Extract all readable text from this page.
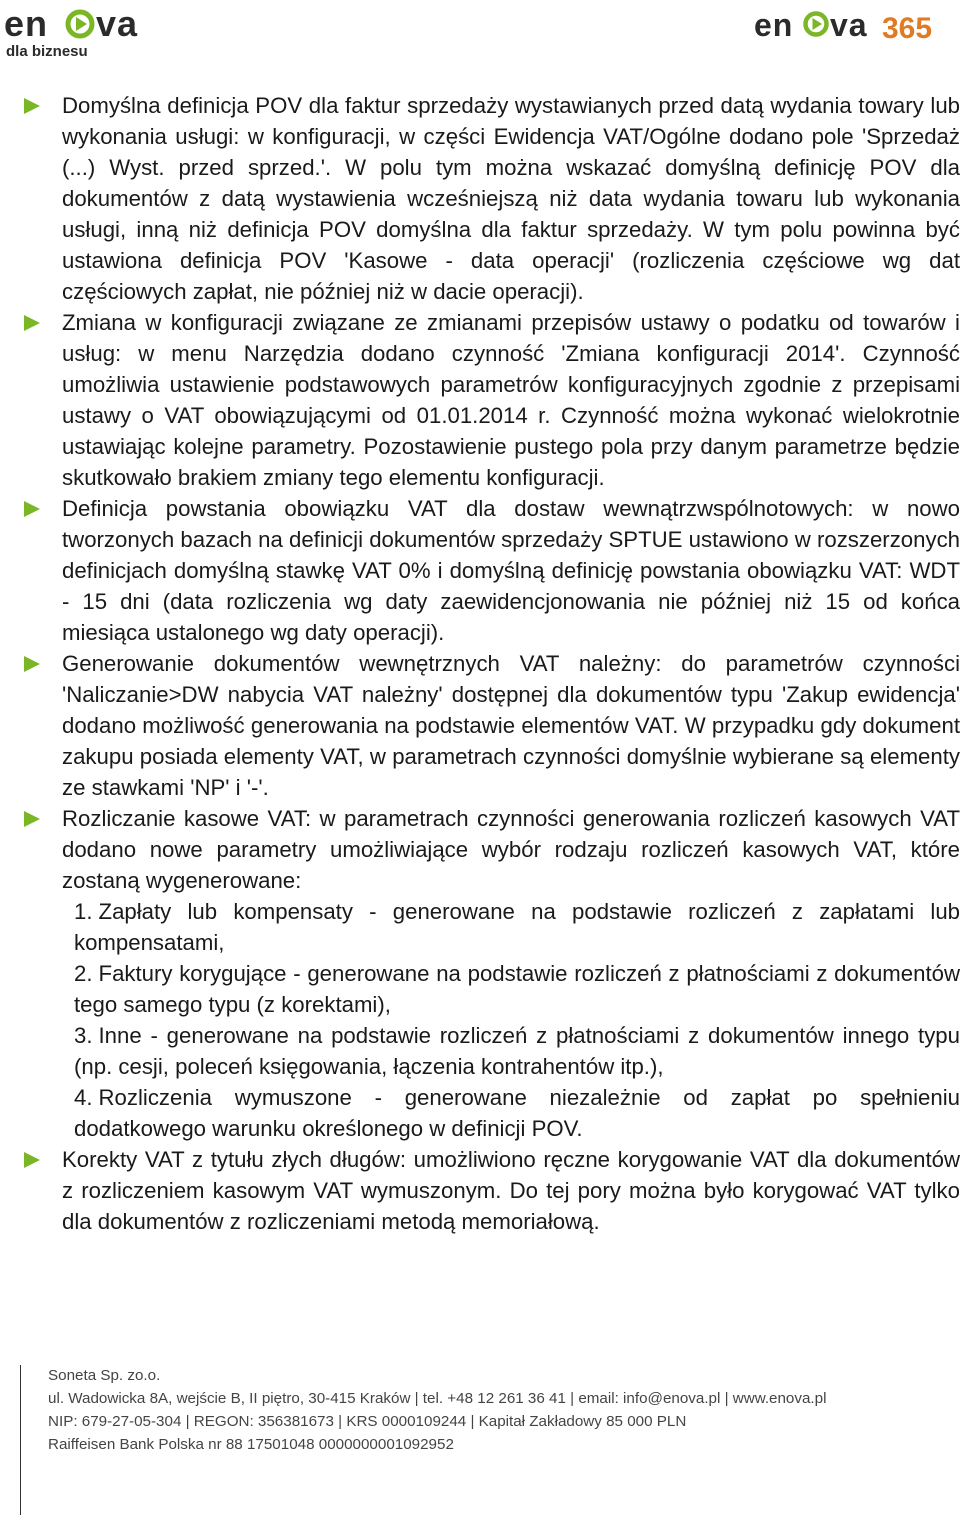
en va
dla biznesu
en va 365
Domyślna definicja POV dla faktur sprzedaży wystawianych przed datą wydania towary lub wykonania usługi: w konfiguracji, w części Ewidencja VAT/Ogólne dodano pole 'Sprzedaż (...) Wyst. przed sprzed.'. W polu tym można wskazać domyślną definicję POV dla dokumentów z datą wystawienia wcześniejszą niż data wydania towaru lub wykonania usługi, inną niż definicja POV domyślna dla faktur sprzedaży. W tym polu powinna być ustawiona definicja POV 'Kasowe - data operacji' (rozliczenia częściowe wg dat częściowych zapłat, nie później niż w dacie operacji).
Zmiana w konfiguracji związane ze zmianami przepisów ustawy o podatku od towarów i usług: w menu Narzędzia dodano czynność 'Zmiana konfiguracji 2014'. Czynność umożliwia ustawienie podstawowych parametrów konfiguracyjnych zgodnie z przepisami ustawy o VAT obowiązującymi od 01.01.2014 r. Czynność można wykonać wielokrotnie ustawiając kolejne parametry. Pozostawienie pustego pola przy danym parametrze będzie skutkowało brakiem zmiany tego elementu konfiguracji.
Definicja powstania obowiązku VAT dla dostaw wewnątrzwspólnotowych: w nowo tworzonych bazach na definicji dokumentów sprzedaży SPTUE ustawiono w rozszerzonych definicjach domyślną stawkę VAT 0% i domyślną definicję powstania obowiązku VAT: WDT - 15 dni (data rozliczenia wg daty zaewidencjonowania nie później niż 15 od końca miesiąca ustalonego wg daty operacji).
Generowanie dokumentów wewnętrznych VAT należny: do parametrów czynności 'Naliczanie>DW nabycia VAT należny' dostępnej dla dokumentów typu 'Zakup ewidencja' dodano możliwość generowania na podstawie elementów VAT. W przypadku gdy dokument zakupu posiada elementy VAT, w parametrach czynności domyślnie wybierane są elementy ze stawkami 'NP' i '-'.
Rozliczanie kasowe VAT: w parametrach czynności generowania rozliczeń kasowych VAT dodano nowe parametry umożliwiające wybór rodzaju rozliczeń kasowych VAT, które zostaną wygenerowane:
1. Zapłaty lub kompensaty - generowane na podstawie rozliczeń z zapłatami lub kompensatami,
2. Faktury korygujące - generowane na podstawie rozliczeń z płatnościami z dokumentów tego samego typu (z korektami),
3. Inne - generowane na podstawie rozliczeń z płatnościami z dokumentów innego typu (np. cesji, poleceń księgowania, łączenia kontrahentów itp.),
4. Rozliczenia wymuszone - generowane niezależnie od zapłat po spełnieniu dodatkowego warunku określonego w definicji POV.
Korekty VAT z tytułu złych długów: umożliwiono ręczne korygowanie VAT dla dokumentów z rozliczeniem kasowym VAT wymuszonym. Do tej pory można było korygować VAT tylko dla dokumentów z rozliczeniami metodą memoriałową.

Soneta Sp. zo.o.

ul. Wadowicka 8A, wejście B, II piętro, 30-415 Kraków | tel. +48 12 261 36 41 | email: info@enova.pl | www.enova.pl

NIP: 679-27-05-304 | REGON: 356381673 | KRS 0000109244 | Kapitał Zakładowy 85 000 PLN

Raiffeisen Bank Polska nr 88 17501048 0000000001092952
